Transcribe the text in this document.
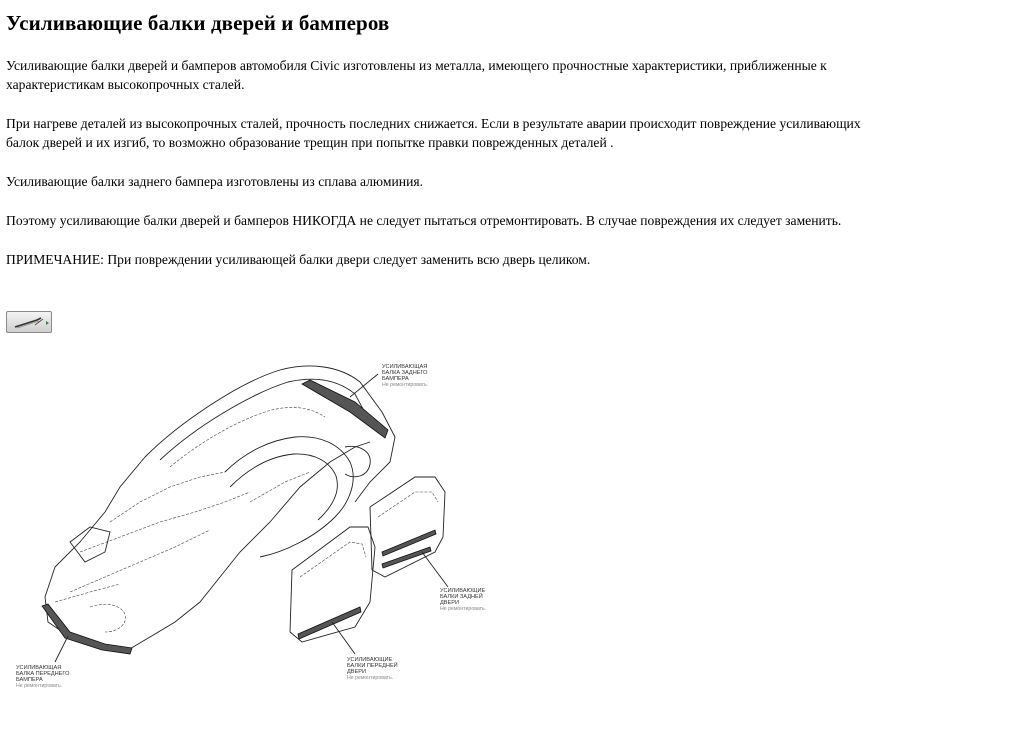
Усиливающие балки дверей и бамперов

Усиливающие балки дверей и бамперов автомобиля Civic изготовлены из металла, имеющего прочностные характеристики, приближенные к
характеристикам высокопрочных сталей.

При нагреве деталей из высокопрочных сталей, прочность последних снижается. Если в результате аварии происходит повреждение усиливающих
балок дверей и их изгиб, то возможно образование трещин при попытке правки поврежденных деталей .

Усиливающие балки заднего бампера изготовлены из сплава алюминия.

Поэтому усиливающие балки дверей и бамперов НИКОГДА не следует пытаться отремонтировать. В случае повреждения их следует заменить.

ПРИМЕЧАНИЕ: При повреждении усиливающей балки двери следует заменить всю дверь целиком.

УСИЛИВАЮЩАЯ
БАЛКА ЗАДНЕГО
БАМПЕРА
Не ремонтировать.
УСИЛИВАЮЩИЕ
БАЛКИ ЗАДНЕЙ
ДВЕРИ
Не ремонтировать.
УСИЛИВАЮЩИЕ
БАЛКИ ПЕРЕДНЕЙ
ДВЕРИ
Не ремонтировать.
УСИЛИВАЮЩАЯ
БАЛКА ПЕРЕДНЕГО
БАМПЕРА
Не ремонтировать.
